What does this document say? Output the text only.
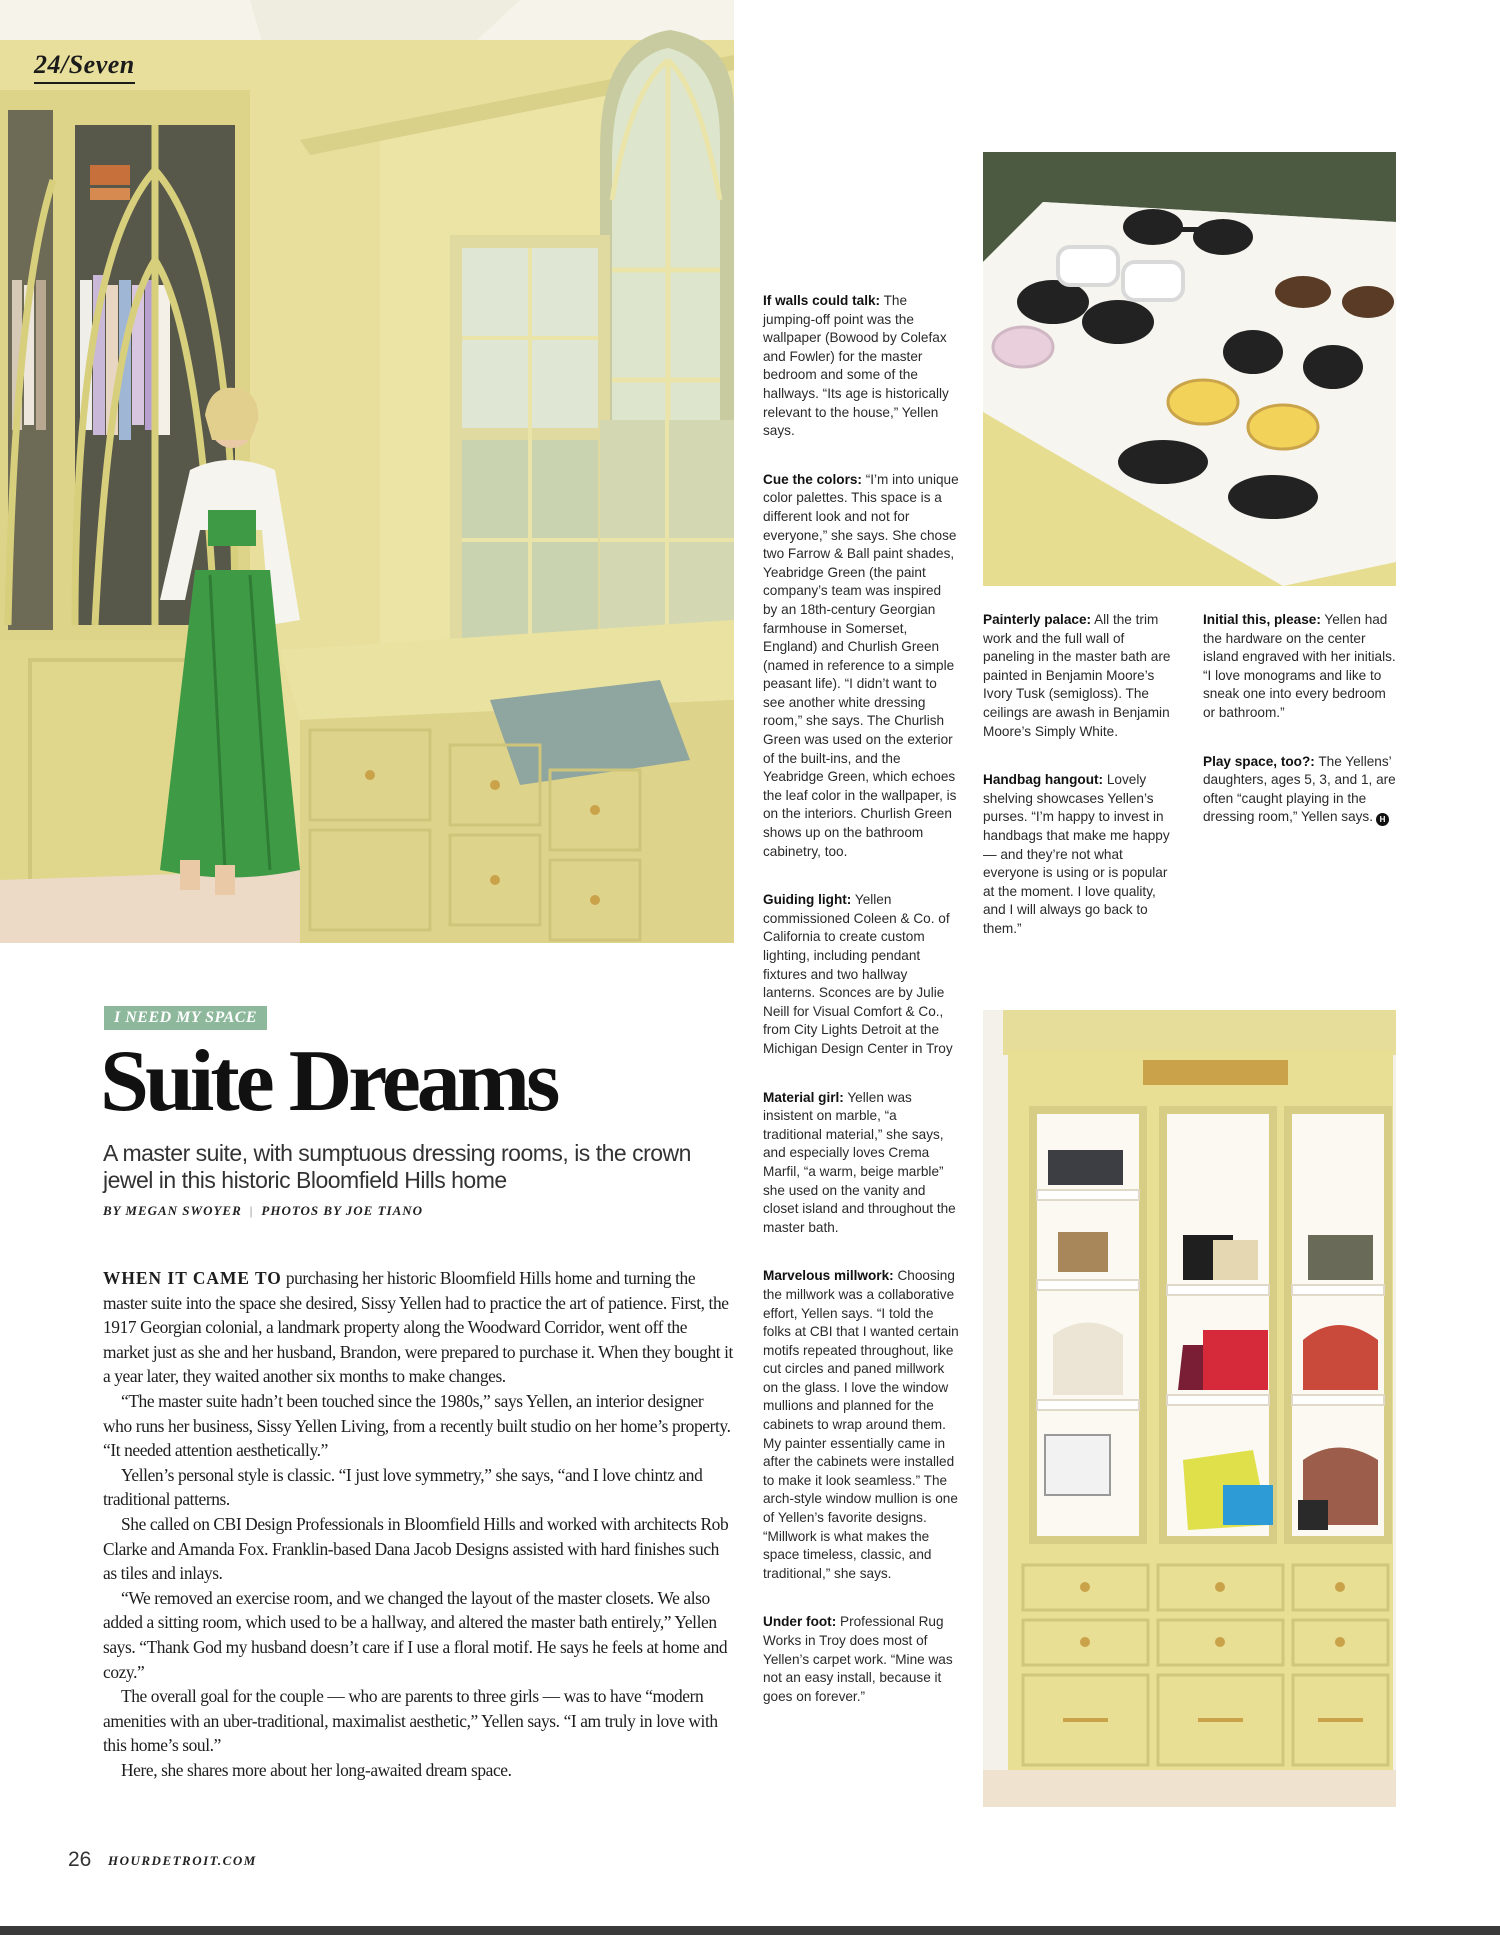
24/Seven
If walls could talk: The jumping-off point was the wallpaper (Bowood by Colefax and Fowler) for the master bedroom and some of the hallways. “Its age is historically relevant to the house,” Yellen says.
Cue the colors: “I’m into unique color palettes. This space is a different look and not for everyone,” she says. She chose two Farrow & Ball paint shades, Yeabridge Green (the paint company’s team was inspired by an 18th-century Georgian farmhouse in Somerset, England) and Churlish Green (named in reference to a simple peasant life). “I didn’t want to see another white dressing room,” she says. The Churlish Green was used on the exterior of the built-ins, and the Yeabridge Green, which echoes the leaf color in the wallpaper, is on the interiors. Churlish Green shows up on the bathroom cabinetry, too.
Guiding light: Yellen commissioned Coleen & Co. of California to create custom lighting, including pendant fixtures and two hallway lanterns. Sconces are by Julie Neill for Visual Comfort & Co., from City Lights Detroit at the Michigan Design Center in Troy
Material girl: Yellen was insistent on marble, “a traditional material,” she says, and especially loves Crema Marfil, “a warm, beige marble” she used on the vanity and closet island and throughout the master bath.
Marvelous millwork: Choosing the millwork was a collaborative effort, Yellen says. “I told the folks at CBI that I wanted certain motifs repeated throughout, like cut circles and paned millwork on the glass. I love the window mullions and planned for the cabinets to wrap around them. My painter essentially came in after the cabinets were installed to make it look seamless.” The arch-style window mullion is one of Yellen’s favorite designs. “Millwork is what makes the space timeless, classic, and traditional,” she says.
Under foot: Professional Rug Works in Troy does most of Yellen’s carpet work. “Mine was not an easy install, because it goes on forever.”
Painterly palace: All the trim work and the full wall of paneling in the master bath are painted in Benjamin Moore’s Ivory Tusk (semigloss). The ceilings are awash in Benjamin Moore’s Simply White.
Handbag hangout: Lovely shelving showcases Yellen’s purses. “I’m happy to invest in handbags that make me happy — and they’re not what everyone is using or is popular at the moment. I love quality, and I will always go back to them.”
Initial this, please: Yellen had the hardware on the center island engraved with her initials. “I love monograms and like to sneak one into every bedroom or bathroom.”
Play space, too?: The Yellens’ daughters, ages 5, 3, and 1, are often “caught playing in the dressing room,” Yellen says. H
I NEED MY SPACE
Suite Dreams

A master suite, with sumptuous dressing rooms, is the crown jewel in this historic Bloomfield Hills home

BY MEGAN SWOYER | PHOTOS BY JOE TIANO

WHEN IT CAME TO purchasing her historic Bloomfield Hills home and turning the master suite into the space she desired, Sissy Yellen had to practice the art of patience. First, the 1917 Georgian colonial, a landmark property along the Woodward Corridor, went off the market just as she and her husband, Brandon, were prepared to purchase it. When they bought it a year later, they waited another six months to make changes.

“The master suite hadn’t been touched since the 1980s,” says Yellen, an interior designer who runs her business, Sissy Yellen Living, from a recently built studio on her home’s property. “It needed attention aesthetically.”

Yellen’s personal style is classic. “I just love symmetry,” she says, “and I love chintz and traditional patterns.

She called on CBI Design Professionals in Bloomfield Hills and worked with architects Rob Clarke and Amanda Fox. Franklin-based Dana Jacob Designs assisted with hard finishes such as tiles and inlays.

“We removed an exercise room, and we changed the layout of the master closets. We also added a sitting room, which used to be a hallway, and altered the master bath entirely,” Yellen says. “Thank God my husband doesn’t care if I use a floral motif. He says he feels at home and cozy.”

The overall goal for the couple — who are parents to three girls — was to have “modern amenities with an uber-traditional, maximalist aesthetic,” Yellen says. “I am truly in love with this home’s soul.”

Here, she shares more about her long-awaited dream space.

26 HOURDETROIT.COM
